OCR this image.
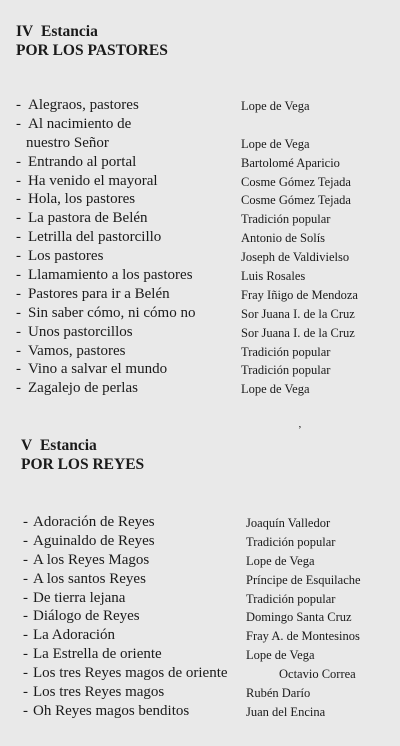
IV Estancia

POR LOS PASTORES

- Alegraos, pastores	Lope de Vega
- Al nacimiento de
nuestro Señor	Lope de Vega
- Entrando al portal	Bartolomé Aparicio
- Ha venido el mayoral	Cosme Gómez Tejada
- Hola, los pastores	Cosme Gómez Tejada
- La pastora de Belén	Tradición popular
- Letrilla del pastorcillo	Antonio de Solís
- Los pastores	Joseph de Valdivielso
- Llamamiento a los pastores	Luis Rosales
- Pastores para ir a Belén	Fray Iñigo de Mendoza
- Sin saber cómo, ni cómo no	Sor Juana I. de la Cruz
- Unos pastorcillos	Sor Juana I. de la Cruz
- Vamos, pastores	Tradición popular
- Vino a salvar el mundo	Tradición popular
- Zagalejo de perlas	Lope de Vega
ʼ

V Estancia

POR LOS REYES

- Adoración de Reyes	Joaquín Valledor
- Aguinaldo de Reyes	Tradición popular
- A los Reyes Magos	Lope de Vega
- A los santos Reyes	Príncipe de Esquilache
- De tierra lejana	Tradición popular
- Diálogo de Reyes	Domingo Santa Cruz
- La Adoración	Fray A. de Montesinos
- La Estrella de oriente	Lope de Vega
- Los tres Reyes magos de oriente	Octavio Correa
- Los tres Reyes magos	Rubén Darío
- Oh Reyes magos benditos	Juan del Encina
